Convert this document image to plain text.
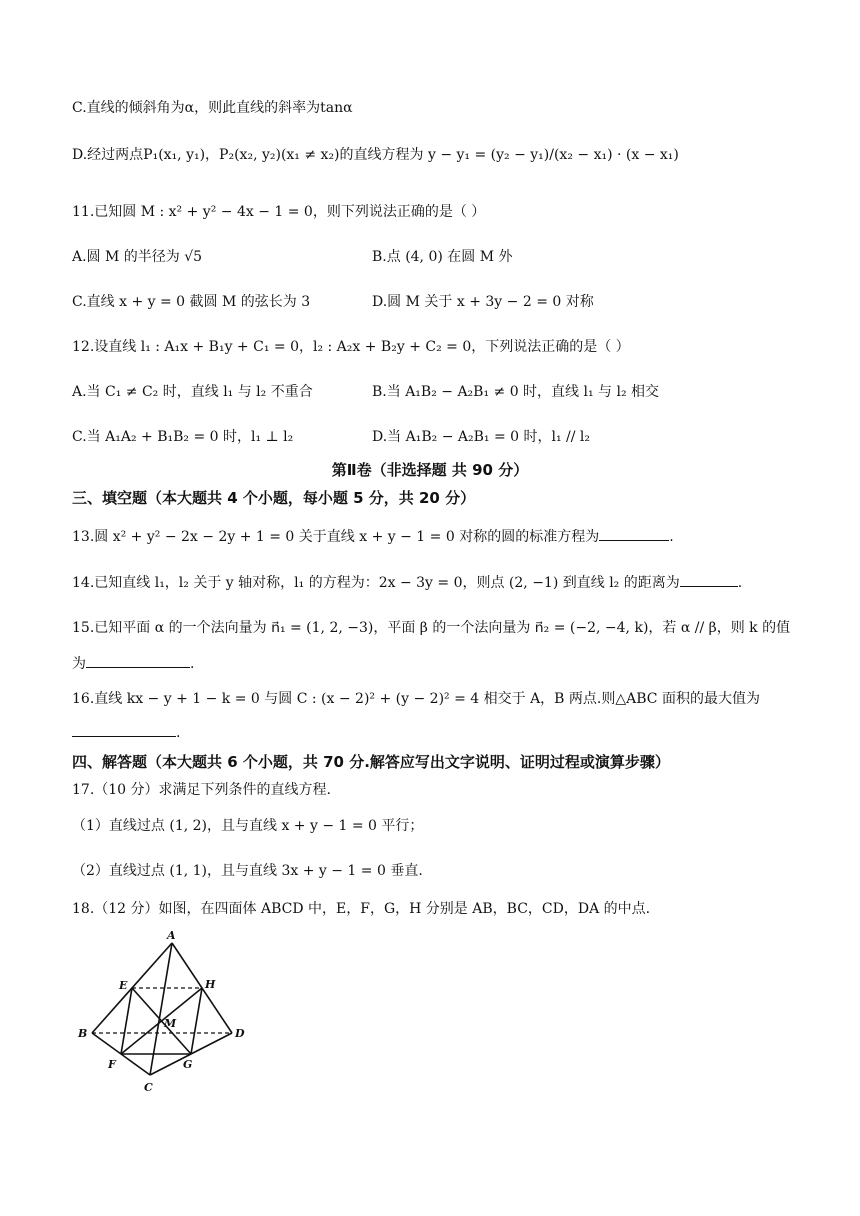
C.直线的倾斜角为α，则此直线的斜率为tanα
D.经过两点P₁(x₁, y₁)，P₂(x₂, y₂)(x₁ ≠ x₂)的直线方程为 y − y₁ = (y₂ − y₁)/(x₂ − x₁) · (x − x₁)
11.已知圆 M : x² + y² − 4x − 1 = 0，则下列说法正确的是（ ）
A.圆 M 的半径为 √5	B.点 (4, 0) 在圆 M 外
C.直线 x + y = 0 截圆 M 的弦长为 3	D.圆 M 关于 x + 3y − 2 = 0 对称
12.设直线 l₁ : A₁x + B₁y + C₁ = 0，l₂ : A₂x + B₂y + C₂ = 0，下列说法正确的是（ ）
A.当 C₁ ≠ C₂ 时，直线 l₁ 与 l₂ 不重合	B.当 A₁B₂ − A₂B₁ ≠ 0 时，直线 l₁ 与 l₂ 相交
C.当 A₁A₂ + B₁B₂ = 0 时，l₁ ⊥ l₂	D.当 A₁B₂ − A₂B₁ = 0 时，l₁ // l₂
第Ⅱ卷（非选择题 共 90 分）
三、填空题（本大题共 4 个小题，每小题 5 分，共 20 分）
13.圆 x² + y² − 2x − 2y + 1 = 0 关于直线 x + y − 1 = 0 对称的圆的标准方程为	.
14.已知直线 l₁，l₂ 关于 y 轴对称，l₁ 的方程为：2x − 3y = 0，则点 (2, −1) 到直线 l₂ 的距离为	.
15.已知平面 α 的一个法向量为 n⃗₁ = (1, 2, −3)，平面 β 的一个法向量为 n⃗₂ = (−2, −4, k)，若 α // β，则 k 的值
为	.
16.直线 kx − y + 1 − k = 0 与圆 C : (x − 2)² + (y − 2)² = 4 相交于 A，B 两点.则△ABC 面积的最大值为
.
四、解答题（本大题共 6 个小题，共 70 分.解答应写出文字说明、证明过程或演算步骤）
17.（10 分）求满足下列条件的直线方程.
（1）直线过点 (1, 2)，且与直线 x + y − 1 = 0 平行；
（2）直线过点 (1, 1)，且与直线 3x + y − 1 = 0 垂直.
18.（12 分）如图，在四面体 ABCD 中，E，F，G，H 分别是 AB，BC，CD，DA 的中点.
A
B
C
D
E
F	G
H
M
